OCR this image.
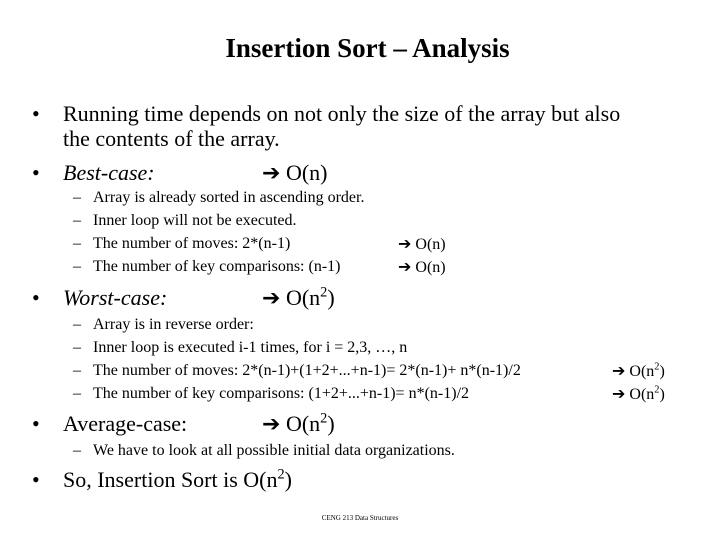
Insertion Sort – Analysis
• Running time depends on not only the size of the array but also
the contents of the array.
• Best-case:	➔ O(n)
– Array is already sorted in ascending order.
– Inner loop will not be executed.
– The number of moves: 2*(n-1)	➔ O(n)
– The number of key comparisons: (n-1)	➔ O(n)
• Worst-case:	➔ $O(n^2)$
– Array is in reverse order:
– Inner loop is executed i-1 times, for i = 2,3, …, n
– The number of moves: 2*(n-1)+(1+2+...+n-1)= 2*(n-1)+ n*(n-1)/2	➔ $O(n^2)$
– The number of key comparisons: (1+2+...+n-1)= n*(n-1)/2	➔ $O(n^2)$
• Average-case:	➔ $O(n^2)$
– We have to look at all possible initial data organizations.
• So, Insertion Sort is $O(n^2)$
CENG 213 Data Structures
